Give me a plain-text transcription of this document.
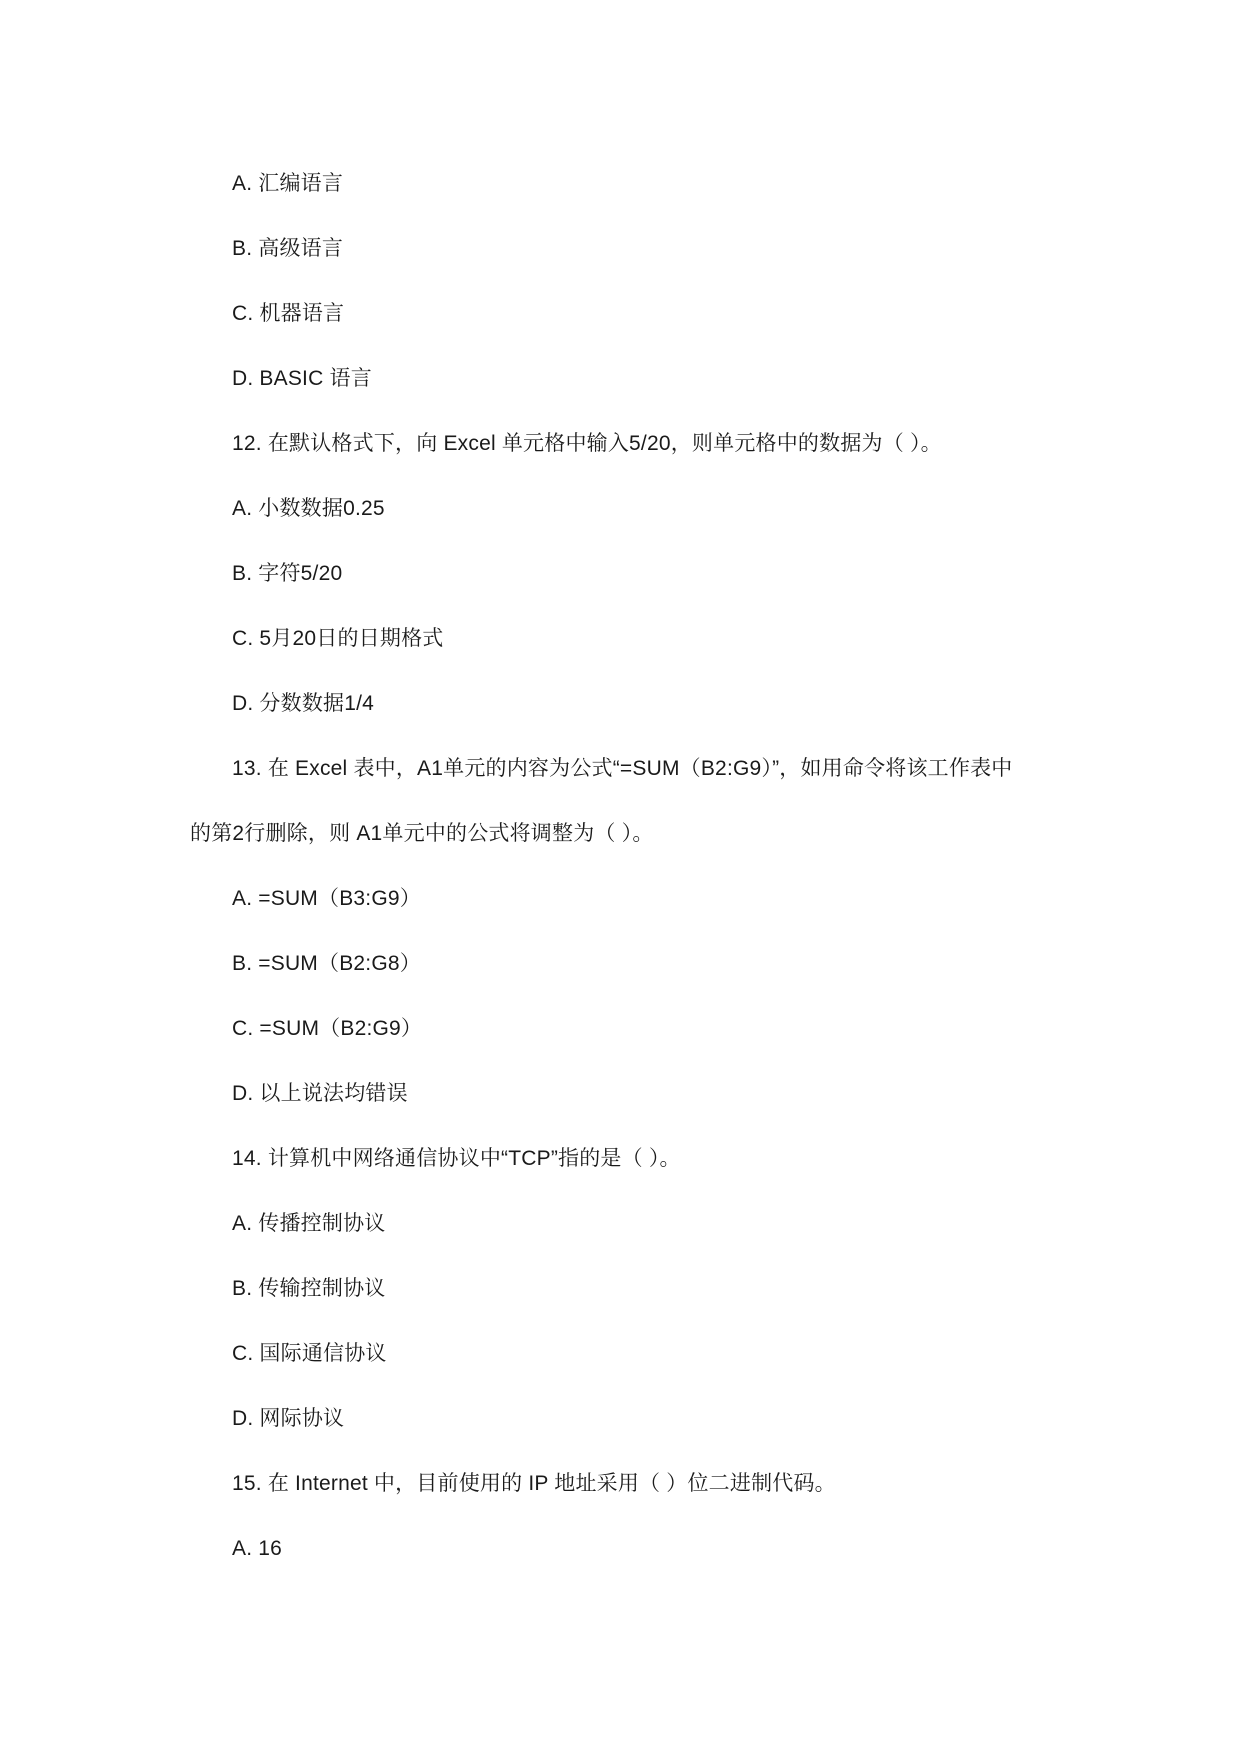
A. 汇编语言
B. 高级语言
C. 机器语言
D. BASIC 语言
12. 在默认格式下，向 Excel 单元格中输入5/20，则单元格中的数据为（ ）。
A. 小数数据0.25
B. 字符5/20
C. 5月20日的日期格式
D. 分数数据1/4
13. 在 Excel 表中，A1单元的内容为公式“=SUM（B2:G9）”，如用命令将该工作表中
的第2行删除，则 A1单元中的公式将调整为（ ）。
A. =SUM（B3:G9）
B. =SUM（B2:G8）
C. =SUM（B2:G9）
D. 以上说法均错误
14. 计算机中网络通信协议中“TCP”指的是（ ）。
A. 传播控制协议
B. 传输控制协议
C. 国际通信协议
D. 网际协议
15. 在 Internet 中，目前使用的 IP 地址采用（ ）位二进制代码。
A. 16
